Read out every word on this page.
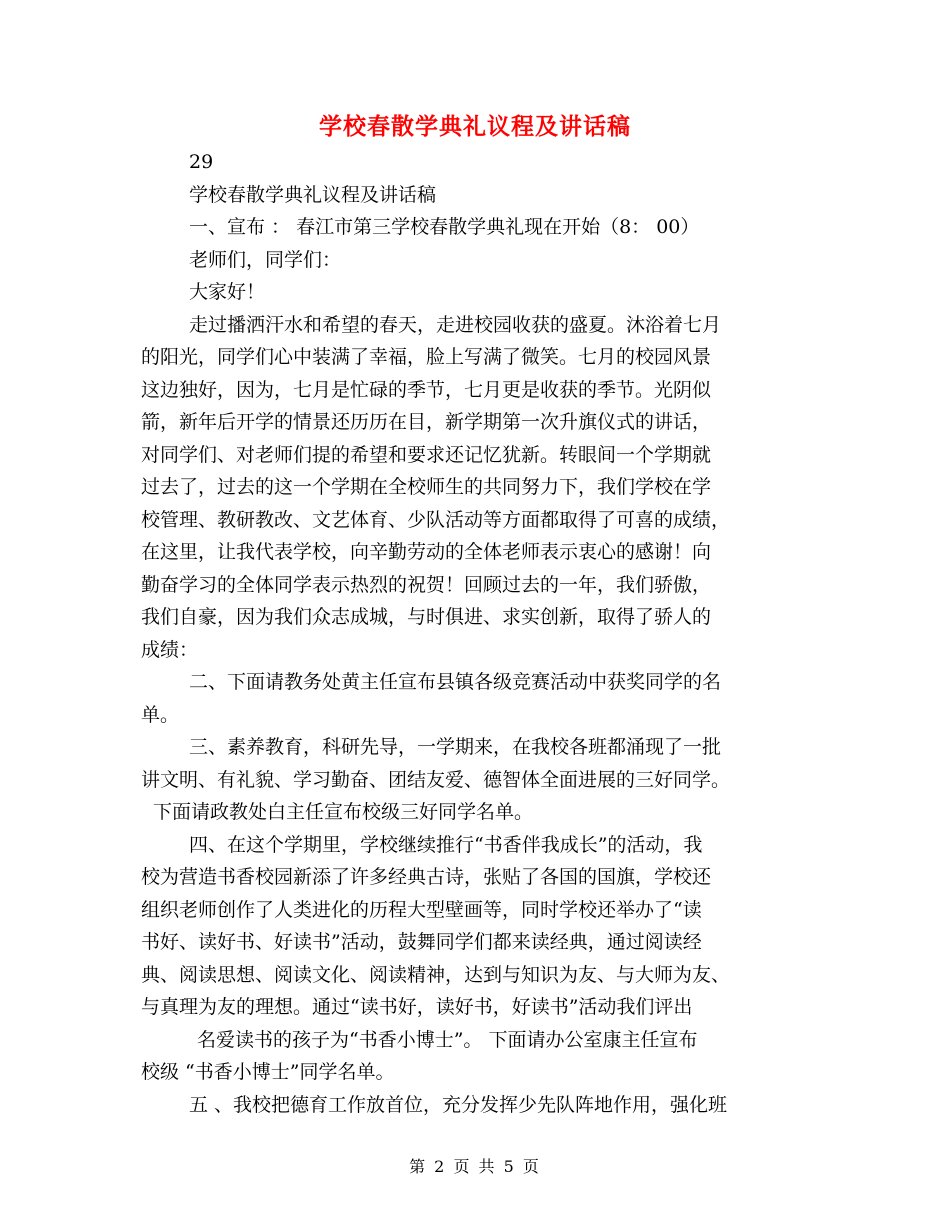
学校春散学典礼议程及讲话稿
29
学校春散学典礼议程及讲话稿
一、宣布 ： 春江市第三学校春散学典礼现在开始（8： 00）
老师们，同学们：
大家好！
走过播洒汗水和希望的春天，走进校园收获的盛夏。沐浴着七月
的阳光，同学们心中装满了幸福，脸上写满了微笑。七月的校园风景
这边独好，因为，七月是忙碌的季节，七月更是收获的季节。光阴似
箭，新年后开学的情景还历历在目，新学期第一次升旗仪式的讲话，
对同学们、对老师们提的希望和要求还记忆犹新。转眼间一个学期就
过去了，过去的这一个学期在全校师生的共同努力下，我们学校在学
校管理、教研教改、文艺体育、少队活动等方面都取得了可喜的成绩，
在这里，让我代表学校，向辛勤劳动的全体老师表示衷心的感谢！向
勤奋学习的全体同学表示热烈的祝贺！回顾过去的一年，我们骄傲，
我们自豪，因为我们众志成城，与时俱进、求实创新，取得了骄人的
成绩：
二、下面请教务处黄主任宣布县镇各级竞赛活动中获奖同学的名
单。
三、素养教育，科研先导，一学期来，在我校各班都涌现了一批
讲文明、有礼貌、学习勤奋、团结友爱、德智体全面进展的三好同学。
下面请政教处白主任宣布校级三好同学名单。
四、在这个学期里，学校继续推行“书香伴我成长”的活动，我
校为营造书香校园新添了许多经典古诗，张贴了各国的国旗，学校还
组织老师创作了人类进化的历程大型壁画等，同时学校还举办了“读
书好、读好书、好读书”活动，鼓舞同学们都来读经典，通过阅读经
典、阅读思想、阅读文化、阅读精神，达到与知识为友、与大师为友、
与真理为友的理想。通过“读书好，读好书，好读书”活动我们评出
名爱读书的孩子为“书香小博士”。 下面请办公室康主任宣布
校级 “书香小博士”同学名单。
五 、我校把德育工作放首位，充分发挥少先队阵地作用，强化班
第 2 页 共 5 页
